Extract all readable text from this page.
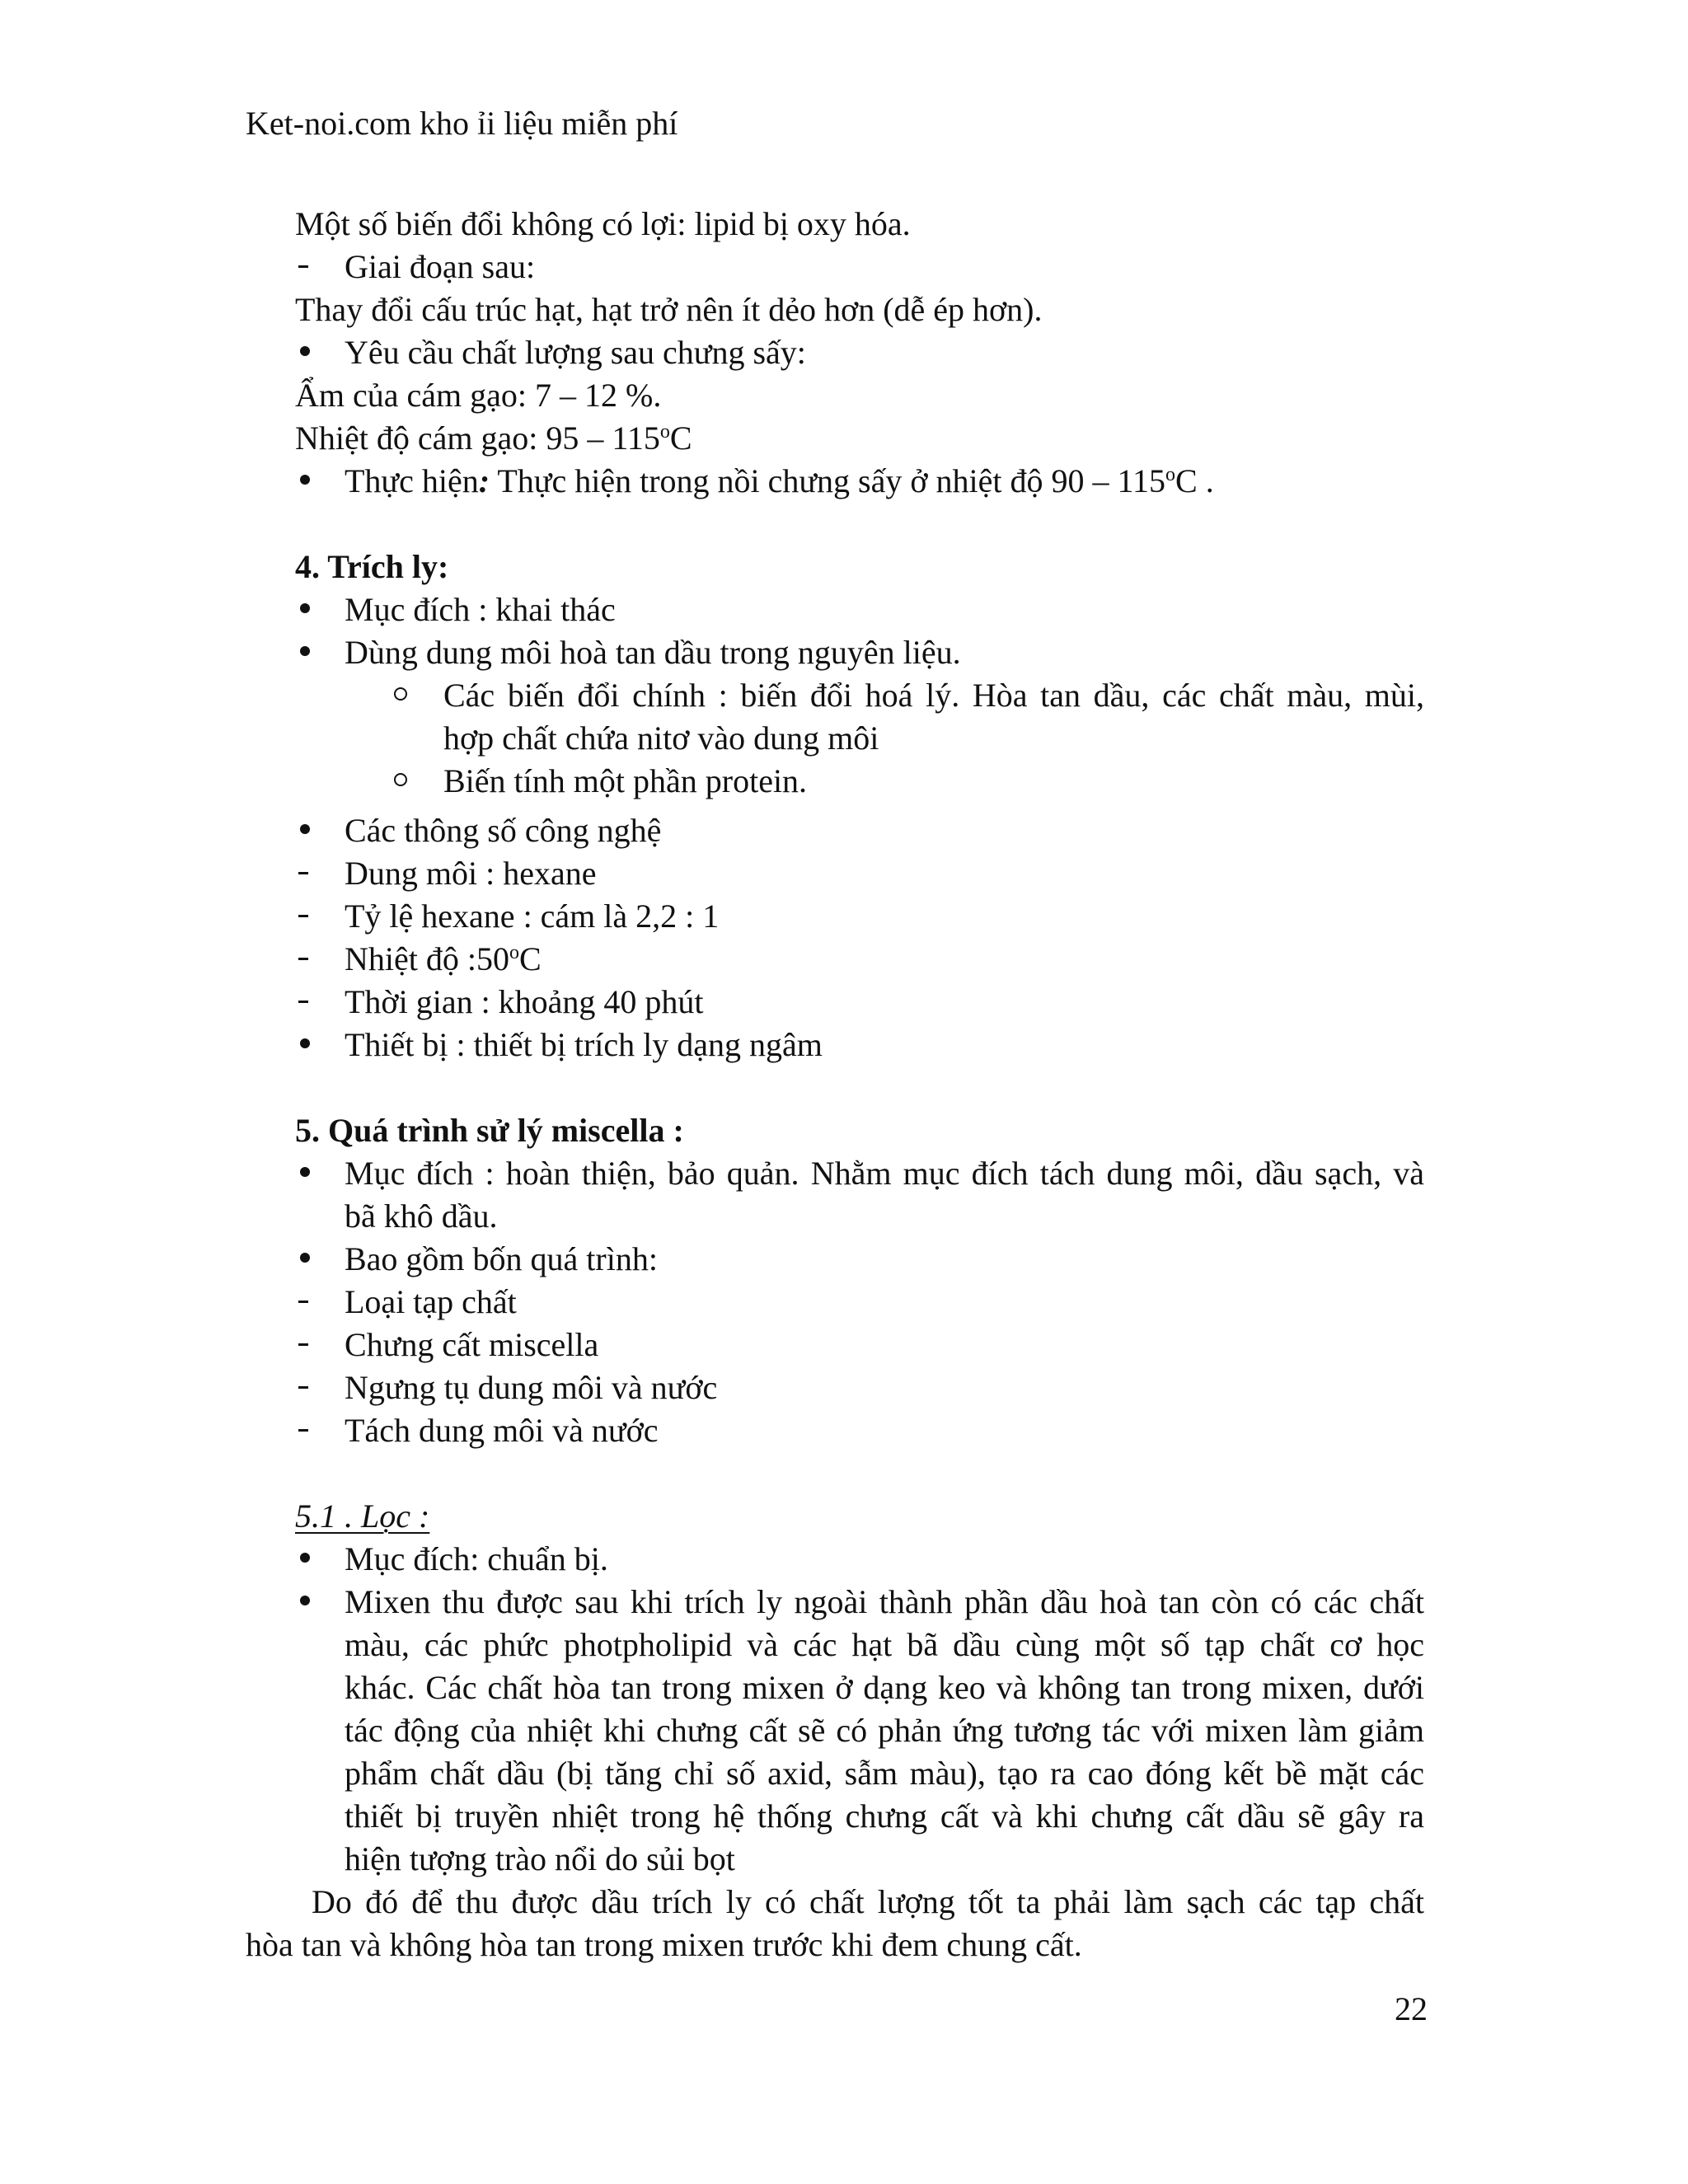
Ket-noi.com kho ỉi liệu miễn phí
Một số biến đổi không có lợi: lipid bị oxy hóa.
Giai đoạn sau:
Thay đổi cấu trúc hạt, hạt trở nên ít dẻo hơn (dễ ép hơn).
Yêu cầu chất lượng sau chưng sấy:
Ẩm của cám gạo: 7 – 12 %.
Nhiệt độ cám gạo: 95 – 115$^o$C
Thực hiện: Thực hiện trong nồi chưng sấy ở nhiệt độ 90 – 115$^o$C .
4. Trích ly:
Mục đích : khai thác
Dùng dung môi hoà tan dầu trong nguyên liệu.
Các biến đổi chính : biến đổi hoá lý. Hòa tan dầu, các chất màu, mùi,
hợp chất chứa nitơ vào dung môi
Biến tính một phần protein.
Các thông số công nghệ
Dung môi : hexane
Tỷ lệ hexane : cám là 2,2 : 1
Nhiệt độ :50$^o$C
Thời gian : khoảng 40 phút
Thiết bị : thiết bị trích ly dạng ngâm
5. Quá trình sử lý miscella :
Mục đích : hoàn thiện, bảo quản. Nhằm mục đích tách dung môi, dầu sạch, và
bã khô dầu.
Bao gồm bốn quá trình:
Loại tạp chất
Chưng cất miscella
Ngưng tụ dung môi và nước
Tách dung môi và nước
5.1 . Lọc :
Mục đích: chuẩn bị.
Mixen thu được sau khi trích ly ngoài thành phần dầu hoà tan còn có các chất
màu, các phức photpholipid và các hạt bã dầu cùng một số tạp chất cơ học
khác. Các chất hòa tan trong mixen ở dạng keo và không tan trong mixen, dưới
tác động của nhiệt khi chưng cất sẽ có phản ứng tương tác với mixen làm giảm
phẩm chất dầu (bị tăng chỉ số axid, sẫm màu), tạo ra cao đóng kết bề mặt các
thiết bị truyền nhiệt trong hệ thống chưng cất và khi chưng cất dầu sẽ gây ra
hiện tượng trào nổi do sủi bọt
Do đó để thu được dầu trích ly có chất lượng tốt ta phải làm sạch các tạp chất
hòa tan và không hòa tan trong mixen trước khi đem chung cất.
22
